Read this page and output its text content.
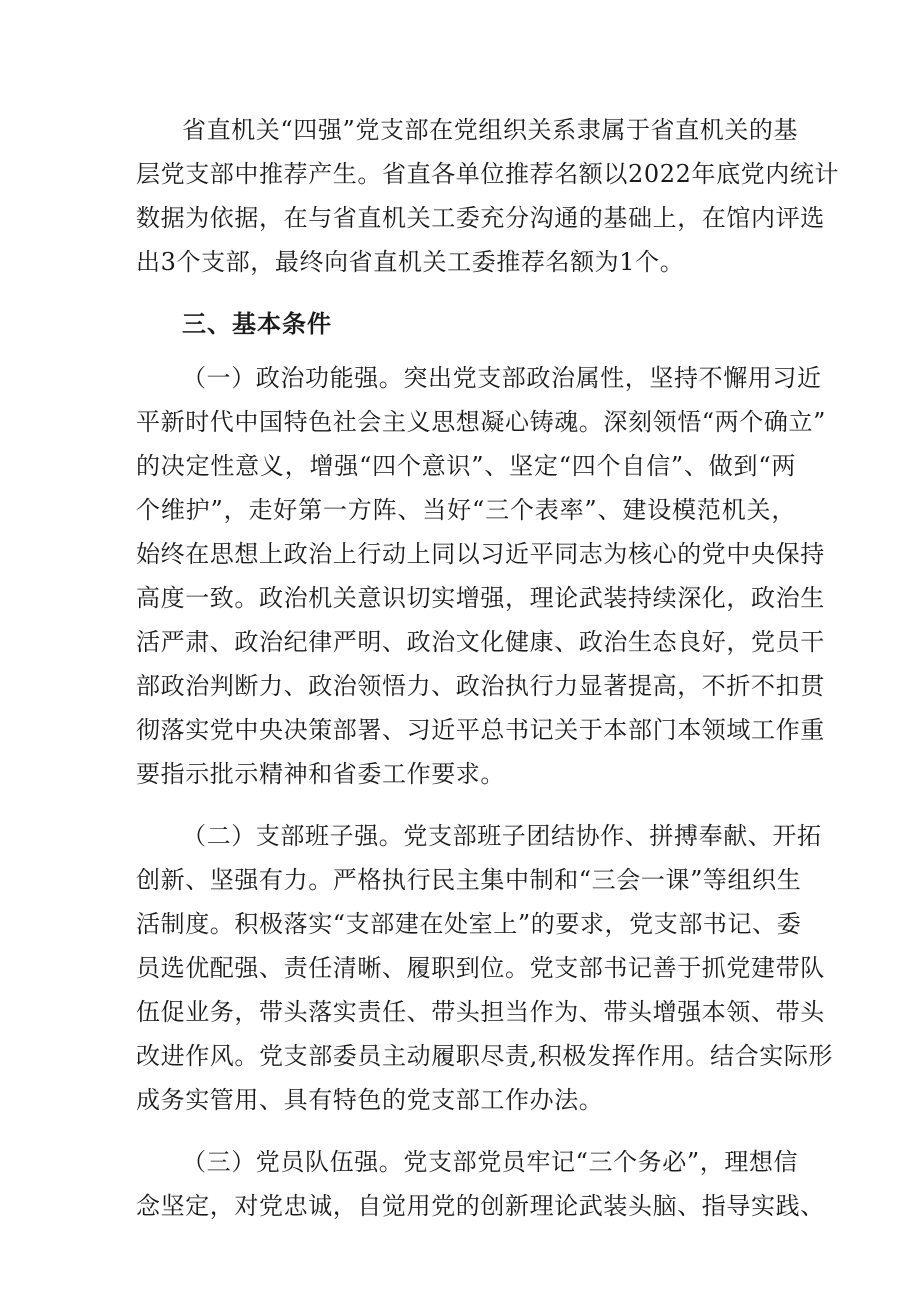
省直机关“四强”党支部在党组织关系隶属于省直机关的基
层党支部中推荐产生。省直各单位推荐名额以2022年底党内统计
数据为依据，在与省直机关工委充分沟通的基础上，在馆内评选
出3个支部，最终向省直机关工委推荐名额为1个。
三、基本条件
（一）政治功能强。突出党支部政治属性，坚持不懈用习近
平新时代中国特色社会主义思想凝心铸魂。深刻领悟“两个确立”
的决定性意义，增强“四个意识”、坚定“四个自信”、做到“两
个维护”，走好第一方阵、当好“三个表率”、建设模范机关，
始终在思想上政治上行动上同以习近平同志为核心的党中央保持
高度一致。政治机关意识切实增强，理论武装持续深化，政治生
活严肃、政治纪律严明、政治文化健康、政治生态良好，党员干
部政治判断力、政治领悟力、政治执行力显著提高，不折不扣贯
彻落实党中央决策部署、习近平总书记关于本部门本领域工作重
要指示批示精神和省委工作要求。
（二）支部班子强。党支部班子团结协作、拼搏奉献、开拓
创新、坚强有力。严格执行民主集中制和“三会一课”等组织生
活制度。积极落实“支部建在处室上”的要求，党支部书记、委
员选优配强、责任清晰、履职到位。党支部书记善于抓党建带队
伍促业务，带头落实责任、带头担当作为、带头增强本领、带头
改进作风。党支部委员主动履职尽责,积极发挥作用。结合实际形
成务实管用、具有特色的党支部工作办法。
（三）党员队伍强。党支部党员牢记“三个务必”，理想信
念坚定，对党忠诚，自觉用党的创新理论武装头脑、指导实践、
